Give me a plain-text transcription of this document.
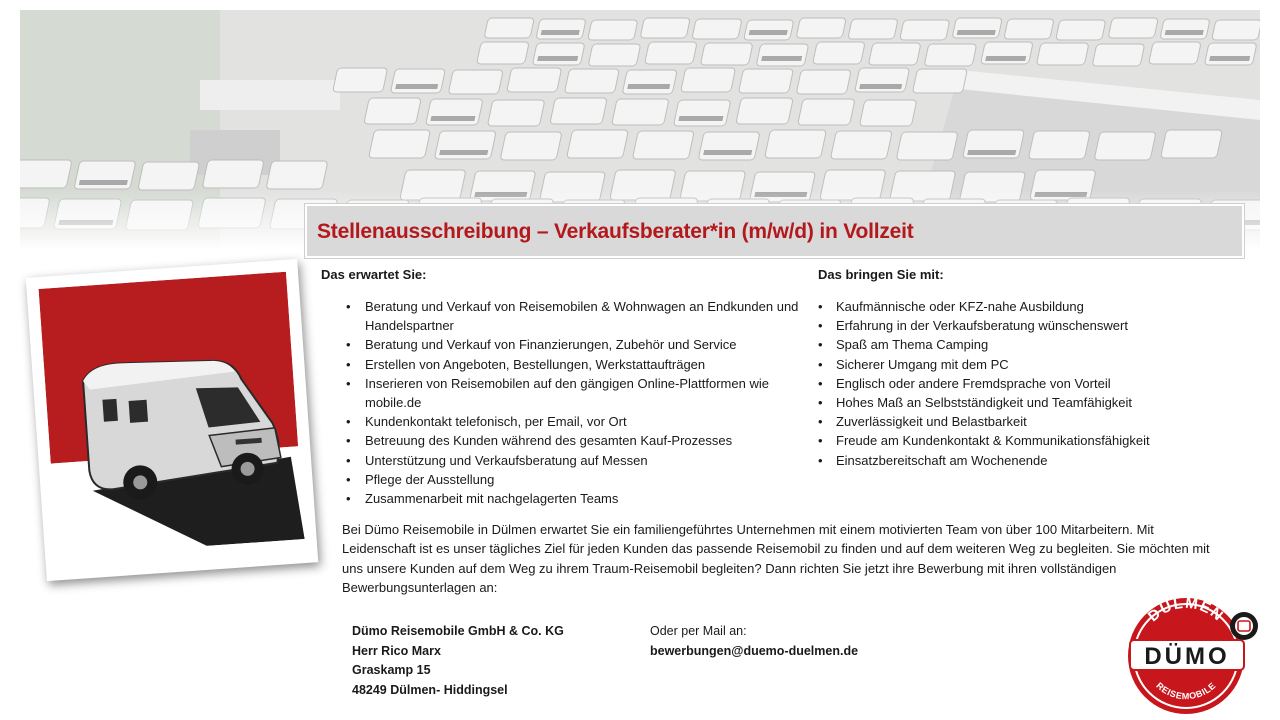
Stellenausschreibung – Verkaufsberater*in (m/w/d) in Vollzeit
Das erwartet Sie:
• Beratung und Verkauf von Reisemobilen & Wohnwagen an Endkunden und Handelspartner
• Beratung und Verkauf von Finanzierungen, Zubehör und Service
• Erstellen von Angeboten, Bestellungen, Werkstattaufträgen
• Inserieren von Reisemobilen auf den gängigen Online-Plattformen wie mobile.de
• Kundenkontakt telefonisch, per Email, vor Ort
• Betreuung des Kunden während des gesamten Kauf-Prozesses
• Unterstützung und Verkaufsberatung auf Messen
• Pflege der Ausstellung
• Zusammenarbeit mit nachgelagerten Teams
Das bringen Sie mit:
• Kaufmännische oder KFZ-nahe Ausbildung
• Erfahrung in der Verkaufsberatung wünschenswert
• Spaß am Thema Camping
• Sicherer Umgang mit dem PC
• Englisch oder andere Fremdsprache von Vorteil
• Hohes Maß an Selbstständigkeit und Teamfähigkeit
• Zuverlässigkeit und Belastbarkeit
• Freude am Kundenkontakt & Kommunikationsfähigkeit
• Einsatzbereitschaft am Wochenende

Bei Dümo Reisemobile in Dülmen erwartet Sie ein familiengeführtes Unternehmen mit einem motivierten Team von über 100 Mitarbeitern. Mit Leidenschaft ist es unser tägliches Ziel für jeden Kunden das passende Reisemobil zu finden und auf dem weiteren Weg zu begleiten. Sie möchten mit uns unsere Kunden auf dem Weg zu ihrem Traum-Reisemobil begleiten? Dann richten Sie jetzt ihre Bewerbung mit ihren vollständigen Bewerbungsunterlagen an:

Dümo Reisemobile GmbH & Co. KG
Herr Rico Marx
Graskamp 15
48249 Dülmen- Hiddingsel
Oder per Mail an:
bewerbungen@duemo-duelmen.de
DÜLMEN
DÜMO
REISEMOBILE
